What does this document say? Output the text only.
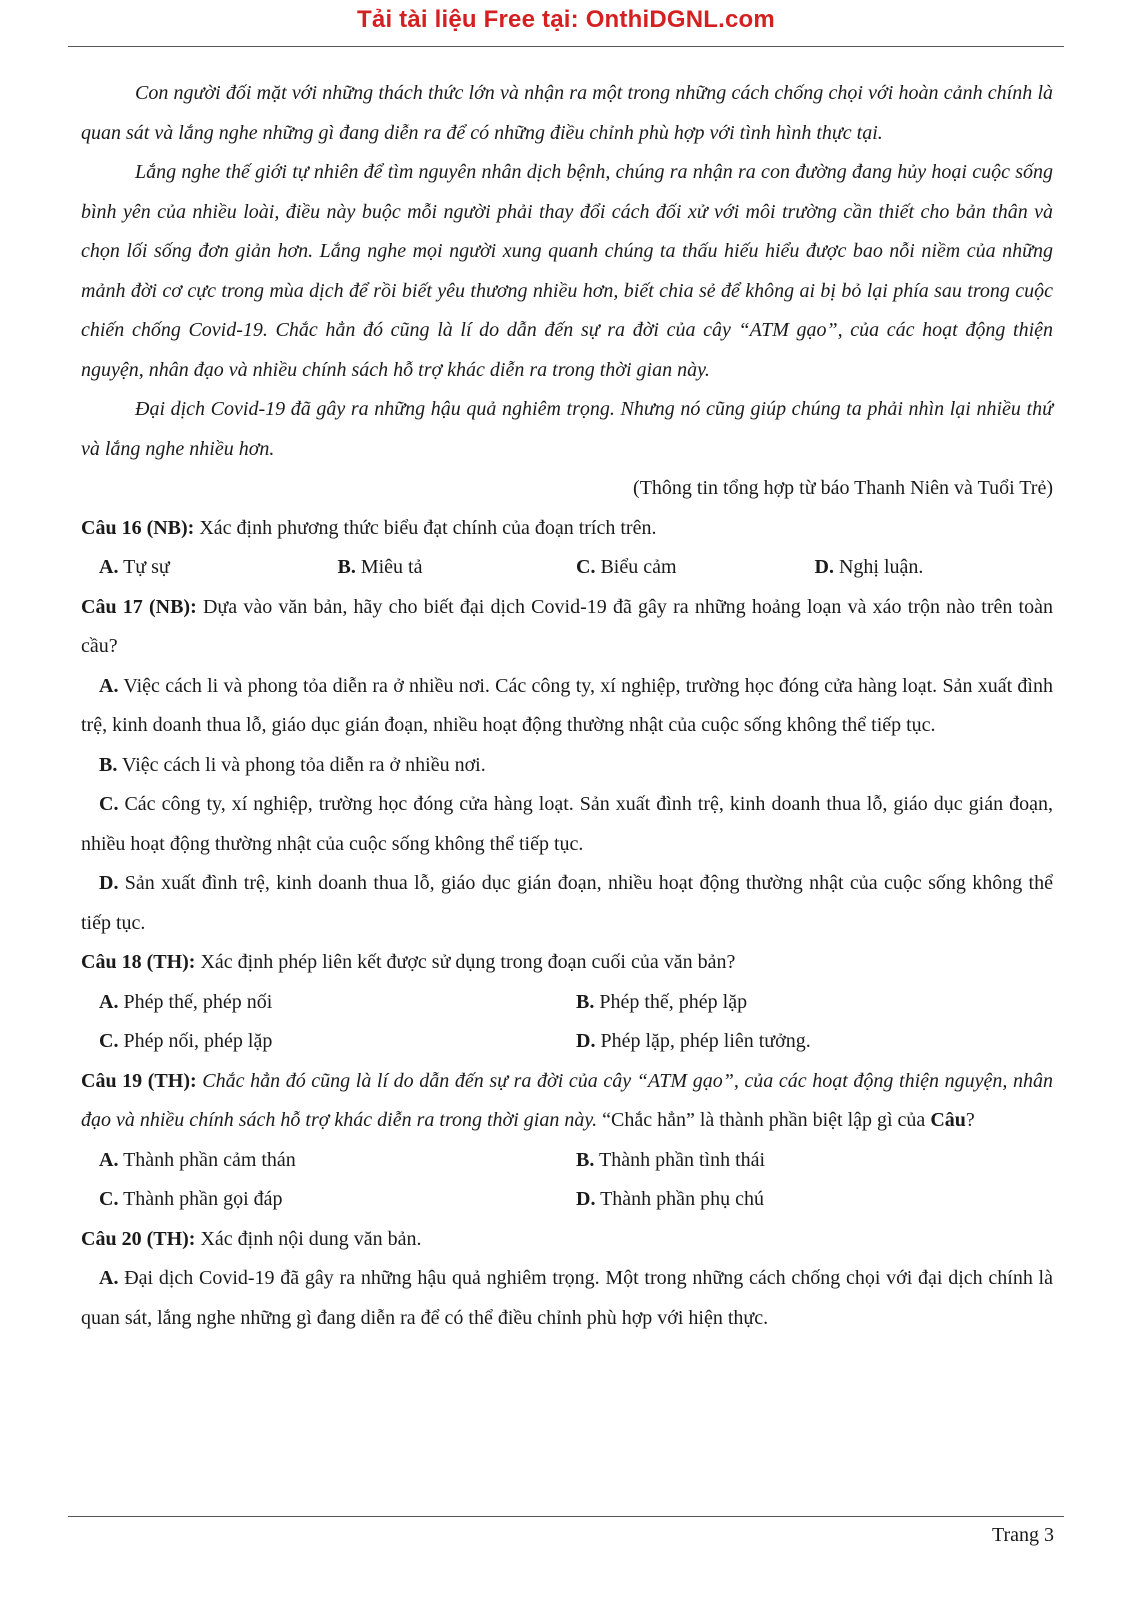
Tải tài liệu Free tại: OnthiDGNL.com

Con người đối mặt với những thách thức lớn và nhận ra một trong những cách chống chọi với hoàn cảnh chính là quan sát và lắng nghe những gì đang diễn ra để có những điều chỉnh phù hợp với tình hình thực tại.

Lắng nghe thế giới tự nhiên để tìm nguyên nhân dịch bệnh, chúng ra nhận ra con đường đang hủy hoại cuộc sống bình yên của nhiều loài, điều này buộc mỗi người phải thay đổi cách đối xử với môi trường cần thiết cho bản thân và chọn lối sống đơn giản hơn. Lắng nghe mọi người xung quanh chúng ta thấu hiếu hiểu được bao nỗi niềm của những mảnh đời cơ cực trong mùa dịch để rồi biết yêu thương nhiều hơn, biết chia sẻ để không ai bị bỏ lại phía sau trong cuộc chiến chống Covid-19. Chắc hẳn đó cũng là lí do dẫn đến sự ra đời của cây “ATM gạo”, của các hoạt động thiện nguyện, nhân đạo và nhiều chính sách hỗ trợ khác diễn ra trong thời gian này.

Đại dịch Covid-19 đã gây ra những hậu quả nghiêm trọng. Nhưng nó cũng giúp chúng ta phải nhìn lại nhiều thứ và lắng nghe nhiều hơn.

(Thông tin tổng hợp từ báo Thanh Niên và Tuổi Trẻ)

Câu 16 (NB): Xác định phương thức biểu đạt chính của đoạn trích trên.

A. Tự sự	B. Miêu tả	C. Biểu cảm	D. Nghị luận.

Câu 17 (NB): Dựa vào văn bản, hãy cho biết đại dịch Covid-19 đã gây ra những hoảng loạn và xáo trộn nào trên toàn cầu?

A. Việc cách li và phong tỏa diễn ra ở nhiều nơi. Các công ty, xí nghiệp, trường học đóng cửa hàng loạt. Sản xuất đình trệ, kinh doanh thua lỗ, giáo dục gián đoạn, nhiều hoạt động thường nhật của cuộc sống không thể tiếp tục.

B. Việc cách li và phong tỏa diễn ra ở nhiều nơi.

C. Các công ty, xí nghiệp, trường học đóng cửa hàng loạt. Sản xuất đình trệ, kinh doanh thua lỗ, giáo dục gián đoạn, nhiều hoạt động thường nhật của cuộc sống không thể tiếp tục.

D. Sản xuất đình trệ, kinh doanh thua lỗ, giáo dục gián đoạn, nhiều hoạt động thường nhật của cuộc sống không thể tiếp tục.

Câu 18 (TH): Xác định phép liên kết được sử dụng trong đoạn cuối của văn bản?

A. Phép thế, phép nối	B. Phép thế, phép lặp
C. Phép nối, phép lặp	D. Phép lặp, phép liên tưởng.

Câu 19 (TH): Chắc hẳn đó cũng là lí do dẫn đến sự ra đời của cây “ATM gạo”, của các hoạt động thiện nguyện, nhân đạo và nhiều chính sách hỗ trợ khác diễn ra trong thời gian này. “Chắc hẳn” là thành phần biệt lập gì của Câu?

A. Thành phần cảm thán	B. Thành phần tình thái
C. Thành phần gọi đáp	D. Thành phần phụ chú

Câu 20 (TH): Xác định nội dung văn bản.

A. Đại dịch Covid-19 đã gây ra những hậu quả nghiêm trọng. Một trong những cách chống chọi với đại dịch chính là quan sát, lắng nghe những gì đang diễn ra để có thể điều chỉnh phù hợp với hiện thực.

Trang 3
